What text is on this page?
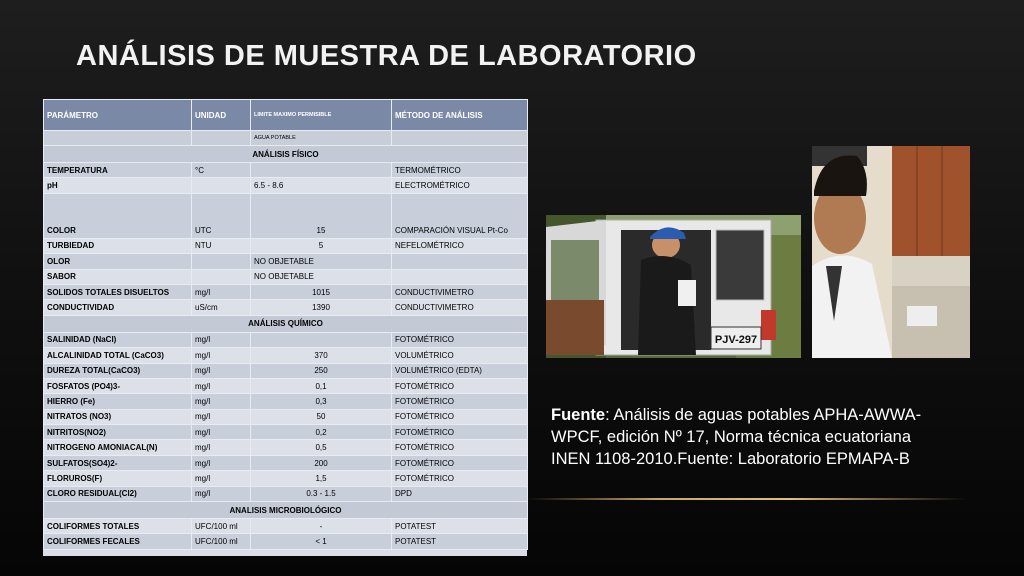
ANÁLISIS DE MUESTRA DE LABORATORIO
PARÁMETRO	UNIDAD	LIMITE MAXIMO PERMISIBLE	MÉTODO DE ANÁLISIS
		AGUA POTABLE	
ANÁLISIS FÍSICO			
TEMPERATURA	°C		TERMOMÉTRICO
pH		6.5 - 8.6	ELECTROMÉTRICO
COLOR	UTC	15	COMPARACIÓN VISUAL Pt-Co
TURBIEDAD	NTU	5	NEFELOMÉTRICO
OLOR		NO OBJETABLE	
SABOR		NO OBJETABLE	
SOLIDOS TOTALES DISUELTOS	mg/l	1015	CONDUCTIVIMETRO
CONDUCTIVIDAD	uS/cm	1390	CONDUCTIVIMETRO
ANÁLISIS QUÍMICO			
SALINIDAD (NaCl)	mg/l		FOTOMÉTRICO
ALCALINIDAD TOTAL (CaCO3)	mg/l	370	VOLUMÉTRICO
DUREZA TOTAL(CaCO3)	mg/l	250	VOLUMÉTRICO (EDTA)
FOSFATOS (PO4)3-	mg/l	0,1	FOTOMÉTRICO
HIERRO (Fe)	mg/l	0,3	FOTOMÉTRICO
NITRATOS (NO3)	mg/l	50	FOTOMÉTRICO
NITRITOS(NO2)	mg/l	0,2	FOTOMÉTRICO
NITROGENO AMONIACAL(N)	mg/l	0,5	FOTOMÉTRICO
SULFATOS(SO4)2-	mg/l	200	FOTOMÉTRICO
FLORUROS(F)	mg/l	1,5	FOTOMÉTRICO
CLORO RESIDUAL(Cl2)	mg/l	0.3 - 1.5	DPD
ANALISIS MICROBIOLÓGICO			
COLIFORMES TOTALES	UFC/100 ml	-	POTATEST
COLIFORMES FECALES	UFC/100 ml	< 1	POTATEST
PJV-297
Fuente: Análisis de aguas potables APHA-AWWA-WPCF, edición Nº 17, Norma técnica ecuatoriana INEN 1108-2010.Fuente: Laboratorio EPMAPA-B
